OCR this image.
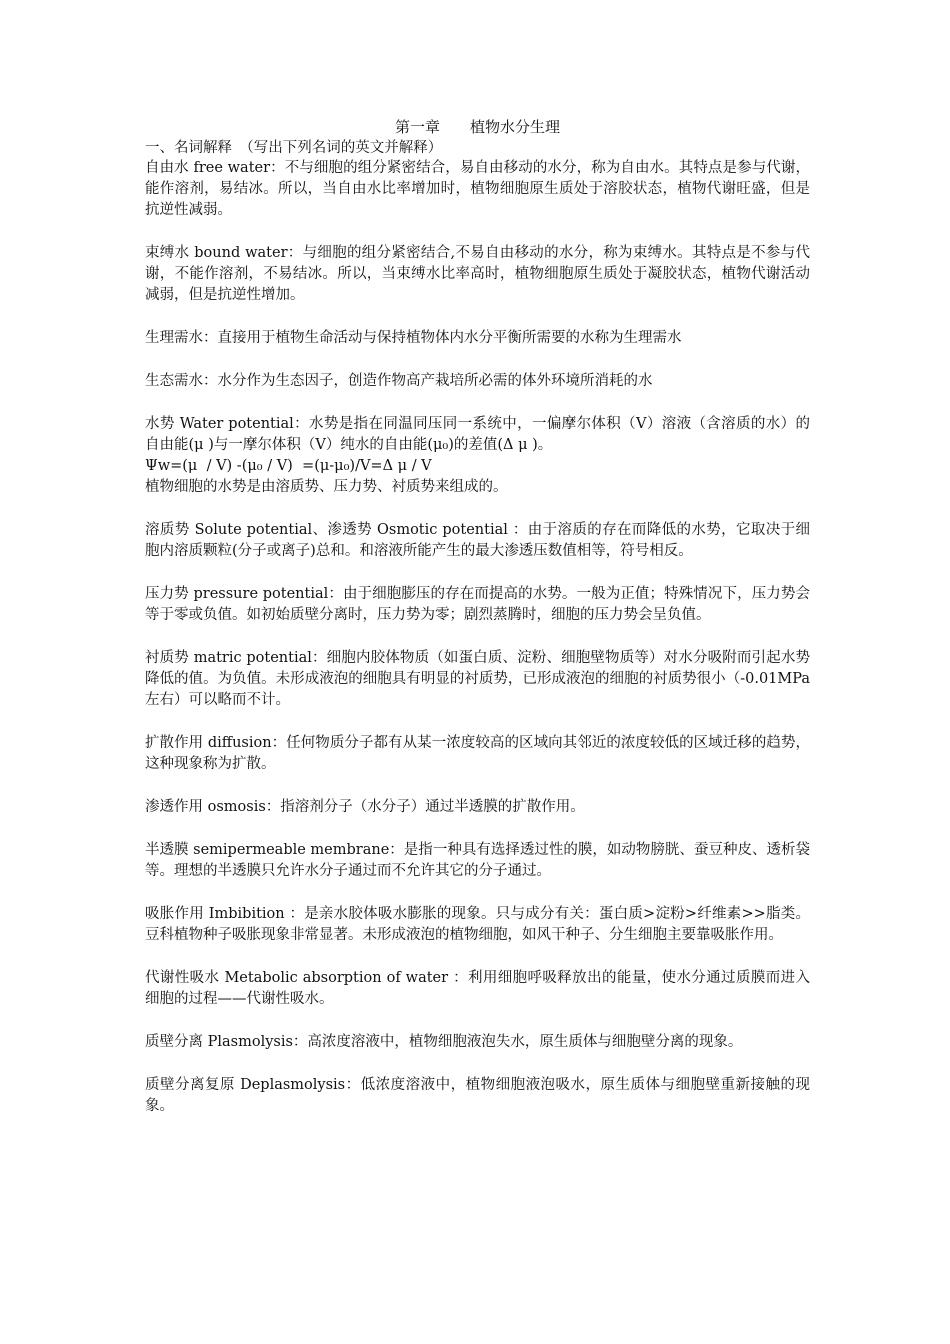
第一章　　植物水分生理
一、名词解释　（写出下列名词的英文并解释）
自由水 free water：不与细胞的组分紧密结合，易自由移动的水分，称为自由水。其特点是参与代谢，能作溶剂，易结冰。所以，当自由水比率增加时，植物细胞原生质处于溶胶状态，植物代谢旺盛，但是抗逆性减弱。
束缚水 bound water：与细胞的组分紧密结合,不易自由移动的水分，称为束缚水。其特点是不参与代谢，不能作溶剂，不易结冰。所以，当束缚水比率高时，植物细胞原生质处于凝胶状态，植物代谢活动减弱，但是抗逆性增加。
生理需水：直接用于植物生命活动与保持植物体内水分平衡所需要的水称为生理需水
生态需水：水分作为生态因子，创造作物高产栽培所必需的体外环境所消耗的水
水势 Water potential：水势是指在同温同压同一系统中，一偏摩尔体积（V）溶液（含溶质的水）的自由能(μ )与一摩尔体积（V）纯水的自由能(μ₀)的差值(Δ μ )。
Ψw=(μ  / V) -(μ₀ / V)  =(μ-μ₀)/V=Δ μ / V
植物细胞的水势是由溶质势、压力势、衬质势来组成的。
溶质势 Solute potential、渗透势 Osmotic potential ：由于溶质的存在而降低的水势，它取决于细胞内溶质颗粒(分子或离子)总和。和溶液所能产生的最大渗透压数值相等，符号相反。
压力势 pressure potential：由于细胞膨压的存在而提高的水势。一般为正值；特殊情况下，压力势会等于零或负值。如初始质壁分离时，压力势为零；剧烈蒸腾时，细胞的压力势会呈负值。
衬质势 matric potential：细胞内胶体物质（如蛋白质、淀粉、细胞壁物质等）对水分吸附而引起水势降低的值。为负值。未形成液泡的细胞具有明显的衬质势，已形成液泡的细胞的衬质势很小（-0.01MPa 左右）可以略而不计。
扩散作用 diffusion：任何物质分子都有从某一浓度较高的区域向其邻近的浓度较低的区域迁移的趋势，这种现象称为扩散。
渗透作用 osmosis：指溶剂分子（水分子）通过半透膜的扩散作用。
半透膜 semipermeable membrane：是指一种具有选择透过性的膜，如动物膀胱、蚕豆种皮、透析袋等。理想的半透膜只允许水分子通过而不允许其它的分子通过。
吸胀作用 Imbibition ：是亲水胶体吸水膨胀的现象。只与成分有关：蛋白质>淀粉>纤维素>>脂类。豆科植物种子吸胀现象非常显著。未形成液泡的植物细胞，如风干种子、分生细胞主要靠吸胀作用。
代谢性吸水 Metabolic absorption of water ：利用细胞呼吸释放出的能量，使水分通过质膜而进入细胞的过程——代谢性吸水。
质壁分离 Plasmolysis：高浓度溶液中，植物细胞液泡失水，原生质体与细胞壁分离的现象。
质壁分离复原 Deplasmolysis：低浓度溶液中，植物细胞液泡吸水，原生质体与细胞壁重新接触的现象。
